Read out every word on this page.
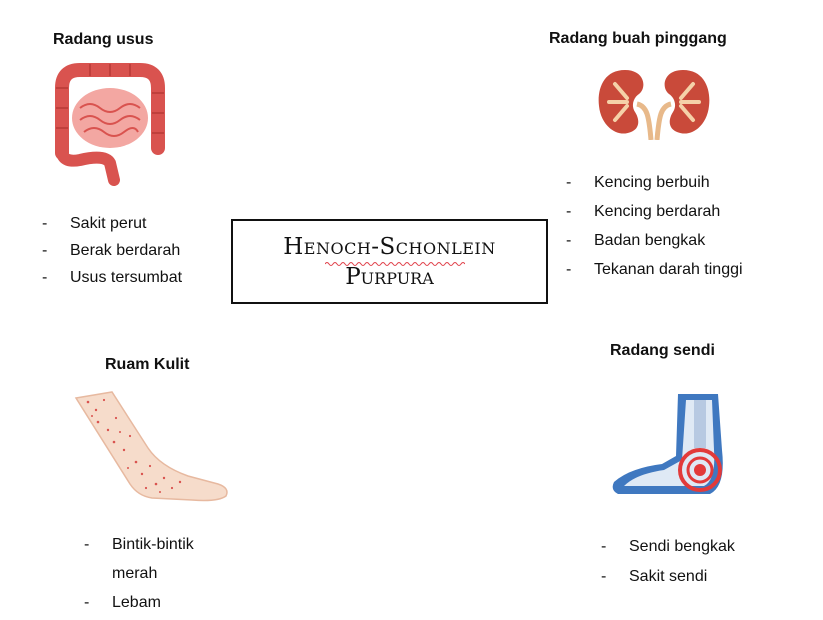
Radang usus
- Sakit perut
- Berak berdarah
- Usus tersumbat
Henoch-Schonlein
Purpura
Radang buah pinggang
- Kencing berbuih
- Kencing berdarah
- Badan bengkak
- Tekanan darah tinggi
Ruam Kulit
- Bintik-bintik
merah
- Lebam
Radang sendi
- Sendi bengkak
- Sakit sendi
